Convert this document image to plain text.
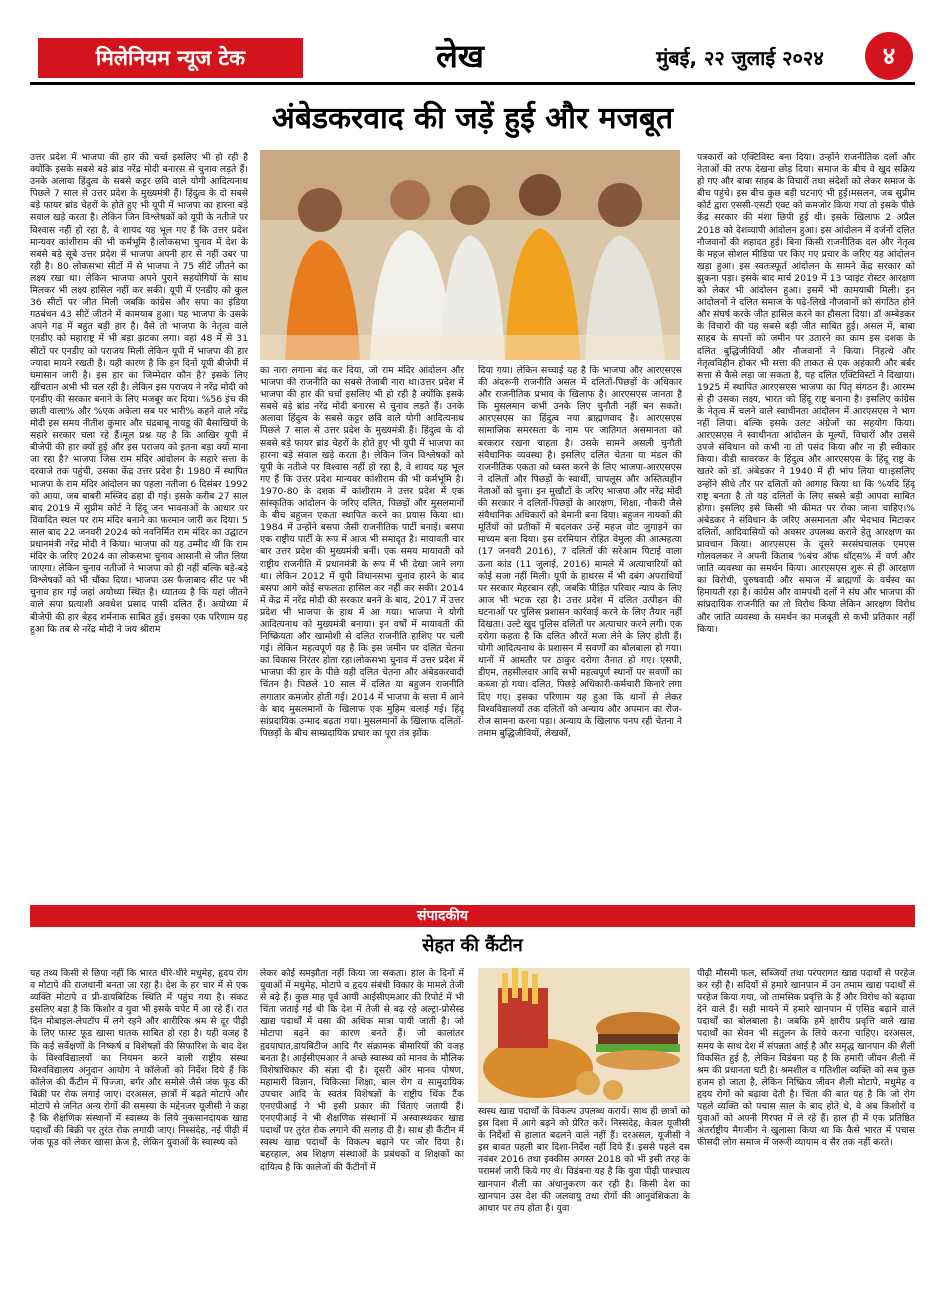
मिलेनियम न्यूज टेक	लेख	मुंबई, २२ जुलाई २०२४	४
अंबेडकरवाद की जड़ें हुई और मजबूत
उत्तर प्रदेश में भाजपा की हार की चर्चा इसलिए भी हो रही है क्योंकि इसके सबसे बड़े ब्रांड नरेंद्र मोदी बनारस से चुनाव लड़ते हैं। उनके अलावा हिंदुत्व के सबसे कट्टर छवि वाले योगी आदित्यनाथ पिछले 7 साल से उत्तर प्रदेश के मुख्यमंत्री हैं। हिंदुत्व के दो सबसे बड़े फायर ब्रांड चेहरों के होते हुए भी यूपी में भाजपा का हारना बड़े सवाल खड़े करता है। लेकिन जिन विश्लेषकों को यूपी के नतीजे पर विश्वास नहीं हो रहा है, वे शायद यह भूल गए हैं कि उत्तर प्रदेश मान्यवर कांशीराम की भी कर्मभूमि है।लोकसभा चुनाव में देश के सबसे बड़े सूबे उत्तर प्रदेश में भाजपा अपनी हार से नहीं उबर पा रही है। 80 लोकसभा सीटों में से भाजपा ने 75 सीटें जीतने का लक्ष्य रखा था। लेकिन भाजपा अपने पुराने सहयोगियों के साथ मिलकर भी लक्ष्य हासिल नहीं कर सकी। यूपी में एनडीए को कुल 36 सीटों पर जीत मिली जबकि कांग्रेस और सपा का इंडिया गठबंधन 43 सीटें जीतने में कामयाब हुआ। यह भाजपा के उसके अपने गढ़ में बहुत बड़ी हार है। वैसे तो भाजपा के नेतृत्व वाले एनडीए को महाराष्ट्र में भी बड़ा झटका लगा। वहां 48 में से 31 सीटों पर एनडीए को पराजय मिली लेकिन यूपी में भाजपा की हार ज्यादा मायने रखती है। यही कारण है कि इन दिनों यूपी बीजेपी में घमासान जारी है। इस हार का जिम्मेदार कौन है? इसके लिए खींचतान अभी भी चल रही है। लेकिन इस पराजय ने नरेंद्र मोदी को एनडीए की सरकार बनाने के लिए मजबूर कर दिया। %56 इंच की छाती वाला% और %एक अकेला सब पर भारी% कहने वाले नरेंद्र मोदी इस समय नीतीश कुमार और चंद्रबाबू नायडू की बैसाखियों के सहारे सरकार चला रहे हैं।मूल प्रश्न यह है कि आखिर यूपी में बीजेपी की हार क्यों हुई और इस पराजय को इतना बड़ा क्यों माना जा रहा है? भाजपा जिस राम मंदिर आंदोलन के सहारे सत्ता के दरवाजे तक पहुंची, उसका केंद्र उत्तर प्रदेश है। 1980 में स्थापित भाजपा के राम मंदिर आंदोलन का पहला नतीजा 6 दिसंबर 1992 को आया, जब बाबरी मस्जिद ढहा दी गई। इसके करीब 27 साल बाद 2019 में सुप्रीम कोर्ट ने हिंदू जन भावनाओं के आधार पर विवादित स्थल पर राम मंदिर बनाने का फरमान जारी कर दिया। 5 साल बाद 22 जनवरी 2024 को नवनिर्मित राम मंदिर का उद्घाटन प्रधानमंत्री नरेंद्र मोदी ने किया। भाजपा को यह उम्मीद थी कि राम मंदिर के जरिए 2024 का लोकसभा चुनाव आसानी से जीत लिया जाएगा। लेकिन चुनाव नतीजों ने भाजपा को ही नहीं बल्कि बड़े-बड़े विश्लेषकों को भी चौंका दिया। भाजपा उस फैजाबाद सीट पर भी चुनाव हार गई जहां अयोध्या स्थित है। ध्यातव्य है कि यहां जीतने वाले सपा प्रत्याशी अवधेश प्रसाद पासी दलित हैं। अयोध्या में बीजेपी की हार बेहद शर्मनाक साबित हुई। इसका एक परिणाम यह हुआ कि तब से नरेंद्र मोदी ने जय श्रीराम
का नारा लगाना बंद कर दिया, जो राम मंदिर आंदोलन और भाजपा की राजनीति का सबसे तेजाबी नारा था।उत्तर प्रदेश में भाजपा की हार की चर्चा इसलिए भी हो रही है क्योंकि इसके सबसे बड़े ब्रांड नरेंद्र मोदी बनारस से चुनाव लड़ते हैं। उनके अलावा हिंदुत्व के सबसे कट्टर छवि वाले योगी आदित्यनाथ पिछले 7 साल से उत्तर प्रदेश के मुख्यमंत्री हैं। हिंदुत्व के दो सबसे बड़े फायर ब्रांड चेहरों के होते हुए भी यूपी में भाजपा का हारना बड़े सवाल खड़े करता है। लेकिन जिन विश्लेषकों को यूपी के नतीजे पर विश्वास नहीं हो रहा है, वे शायद यह भूल गए हैं कि उत्तर प्रदेश मान्यवर कांशीराम की भी कर्मभूमि है। 1970-80 के दशक में कांशीराम ने उत्तर प्रदेश में एक सांस्कृतिक आंदोलन के जरिए दलित, पिछड़ों और मुसलमानों के बीच बहुजन एकता स्थापित करने का प्रयास किया था। 1984 में उन्होंने बसपा जैसी राजनीतिक पार्टी बनाई। बसपा एक राष्ट्रीय पार्टी के रूप में आज भी समादृत है। मायावती चार बार उत्तर प्रदेश की मुख्यमंत्री बनीं। एक समय मायावती को राष्ट्रीय राजनीति में प्रधानमंत्री के रूप में भी देखा जाने लगा था। लेकिन 2012 में यूपी विधानसभा चुनाव हारने के बाद बसपा आगे कोई सफलता हासिल कर नहीं कर सकी। 2014 में केंद्र में नरेंद्र मोदी की सरकार बनने के बाद, 2017 में उत्तर प्रदेश भी भाजपा के हाथ में आ गया। भाजपा ने योगी आदित्यनाथ को मुख्यमंत्री बनाया। इन वर्षों में मायावती की निष्क्रियता और खामोशी से दलित राजनीति हाशिए पर चली गई। लेकिन महत्वपूर्ण यह है कि इस जमीन पर दलित चेतना का विकास निरंतर होता रहा।लोकसभा चुनाव में उत्तर प्रदेश में भाजपा की हार के पीछे यही दलित चेतना और अंबेडकरवादी चिंतन है। पिछले 10 साल में दलित या बहुजन राजनीति लगातार कमजोर होती गई। 2014 में भाजपा के सत्ता में आने के बाद मुसलमानों के खिलाफ एक मुहिम चलाई गई। हिंदू सांप्रदायिक उन्माद बढ़ता गया। मुसलमानों के खिलाफ दलितों-पिछड़ों के बीच साम्प्रदायिक प्रचार का पूरा तंत्र झोंक
दिया गया। लेकिन सच्चाई यह है कि भाजपा और आरएसएस की अंदरूनी राजनीति असल में दलितों-पिछड़ों के अधिकार और राजनीतिक प्रभाव के खिलाफ है। आरएसएस जानता है कि मुसलमान कभी उनके लिए चुनौती नहीं बन सकते। आरएसएस का हिंदुत्व नया ब्राह्मणवाद है। आरएसएस सामाजिक समरसता के नाम पर जातिगत असमानता को बरकरार रखना चाहता है। उसके सामने असली चुनौती संवैधानिक व्यवस्था है। इसलिए दलित चेतना या मंडल की राजनीतिक एकता को ध्वस्त करने के लिए भाजपा-आरएसएस ने दलितों और पिछड़ों के स्वार्थी, चापलूस और अस्तित्वहीन नेताओं को चुना। इन मुखौटों के जरिए भाजपा और नरेंद्र मोदी की सरकार ने दलितों-पिछड़ों के आरक्षण, शिक्षा, नौकरी जैसे संवैधानिक अधिकारों को बेमानी बना दिया। बहुजन नायकों की मूर्तियों को प्रतीकों में बदलकर उन्हें महज वोट जुगाड़ने का माध्यम बना दिया। इस दरमियान रोहित वेमुला की आत्महत्या (17 जनवरी 2016), 7 दलितों की सरेआम पिटाई वाला ऊना कांड (11 जुलाई, 2016) मामले में अत्याचारियों को कोई सजा नहीं मिली। यूपी के हाथरस में भी दबंग अपराधियों पर सरकार मेहरबान रही, जबकि पीड़ित परिवार न्याय के लिए आज भी भटक रहा है। उत्तर प्रदेश में दलित उत्पीड़न की घटनाओं पर पुलिस प्रशासन कार्रवाई करने के लिए तैयार नहीं दिखता। उल्टे खुद पुलिस दलितों पर अत्याचार करने लगी। एक दरोगा कहता है कि दलित औरतें मजा लेने के लिए होती हैं।योगी आदित्यनाथ के प्रशासन में सवर्णों का बोलबाला हो गया। थानों में आमतौर पर ठाकुर दरोगा तैनात हो गए। एसपी, डीएम, तहसीलदार आदि सभी महत्वपूर्ण स्थानों पर सवर्णों का कब्जा हो गया। दलित, पिछड़े अधिकारी-कर्मचारी किनारे लगा दिए गए। इसका परिणाम यह हुआ कि थानों से लेकर विश्वविद्यालयों तक दलितों को अन्याय और अपमान का रोज-रोज सामना करना पड़ा। अन्याय के खिलाफ पनप रही चेतना ने तमाम बुद्धिजीवियों, लेखकों,
पत्रकारों को एक्टिविस्ट बना दिया। उन्होंने राजनीतिक दलों और नेताओं की तरफ देखना छोड़ दिया। समाज के बीच वे खुद सक्रिय हो गए और बाबा साहब के विचारों तथा संदेशों को लेकर समाज के बीच पहुंचे। इस बीच कुछ बड़ी घटनाएं भी हुईं।मसलन, जब सुप्रीम कोर्ट द्वारा एससी-एसटी एक्ट को कमजोर किया गया तो इसके पीछे केंद्र सरकार की मंशा छिपी हुई थी। इसके खिलाफ 2 अप्रैल 2018 को देशव्यापी आंदोलन हुआ। इस आंदोलन में दर्जनों दलित नौजवानों की शहादत हुई। बिना किसी राजनीतिक दल और नेतृत्व के महज सोशल मीडिया पर किए गए प्रचार के जरिए यह आंदोलन खड़ा हुआ। इस स्वतःस्फूर्त आंदोलन के सामने केंद्र सरकार को झुकना पड़ा। इसके बाद मार्च 2019 में 13 प्वाइंट रोस्टर आरक्षण को लेकर भी आंदोलन हुआ। इसमें भी कामयाबी मिली। इन आंदोलनों ने दलित समाज के पढ़े-लिखे नौजवानों को संगठित होने और संघर्ष करके जीत हासिल करने का हौसला दिया। डॉ अम्बेडकर के विचारों की यह सबसे बड़ी जीत साबित हुई। असल में, बाबा साहब के सपनों को जमीन पर उतारने का काम इस दशक के दलित बुद्धिजीवियों और नौजवानों ने किया। निहत्थे और नेतृत्वविहीन होकर भी सत्ता की ताकत से एक अहंकारी और बर्बर सत्ता से कैसे लड़ा जा सकता है, यह दलित एक्टिविस्टों ने दिखाया।1925 में स्थापित आरएसएस भाजपा का पितृ संगठन है। आरम्भ से ही उसका लक्ष्य, भारत को हिंदू राष्ट्र बनाना है। इसलिए कांग्रेस के नेतृत्व में चलने वाले स्वाधीनता आंदोलन में आरएसएस ने भाग नहीं लिया। बल्कि इसके उलट अंग्रेजों का सहयोग किया। आरएसएस ने स्वाधीनता आंदोलन के मूल्यों, विचारों और उससे उपजे संविधान को कभी ना तो पसंद किया और ना ही स्वीकार किया। वीडी सावरकर के हिंदुत्व और आरएसएस के हिंदू राष्ट्र के खतरे को डॉ. अंबेडकर ने 1940 में ही भांप लिया था।इसलिए उन्होंने सीधे तौर पर दलितों को आगाह किया था कि %यदि हिंदू राष्ट्र बनता है तो यह दलितों के लिए सबसे बड़ी आपदा साबित होगा। इसलिए इसे किसी भी कीमत पर रोका जाना चाहिए।% अंबेडकर ने संविधान के जरिए असमानता और भेदभाव मिटाकर दलितों, आदिवासियों को अवसर उपलब्ध कराने हेतु आरक्षण का प्रावधान किया। आरएसएस के दूसरे सरसंघचालक एमएस गोलवलकर ने अपनी किताब %बंच ऑफ थॉट्स% में वर्ण और जाति व्यवस्था का समर्थन किया। आरएसएस शुरू से ही आरक्षण का विरोधी, पुरुषवादी और समाज में ब्राह्मणों के वर्चस्व का हिमायती रहा है। कांग्रेस और वामपंथी दलों ने संघ और भाजपा की सांप्रदायिक राजनीति का तो विरोध किया लेकिन आरक्षण विरोध और जाति व्यवस्था के समर्थन का मजबूती से कभी प्रतिकार नहीं किया।
संपादकीय
सेहत की कैंटीन
यह तथ्य किसी से छिपा नहीं कि भारत धीरे-धीरे मधुमेह, हृदय रोग व मोटापे की राजधानी बनता जा रहा है। देश के हर चार में से एक व्यक्ति मोटापे व प्री-डायबिटिक स्थिति में पहुंच गया है। संकट इसलिए बड़ा है कि किशोर व युवा भी इसके चपेट में आ रहे हैं। रात दिन मोबाइल-लेपटॉप में लगे रहने और शारीरिक श्रम से दूर पीढ़ी के लिए फास्ट फूड खासा घातक साबित हो रहा है। यही वजह है कि कई सर्वेक्षणों के निष्कर्ष व विशेषज्ञों की सिफारिश के बाद देश के विश्वविद्यालयों का नियमन करने वाली राष्ट्रीय संस्था विश्वविद्यालय अनुदान आयोग ने कॉलेजों को निर्देश दिये हैं कि कॉलेज की कैंटीन में पिज्जा, बर्गर और समोसे जैसे जंक फूड की बिक्री पर रोक लगाई जाए। दरअसल, छात्रों में बढ़ते मोटापे और मोटापे से जनित अन्य रोगों की समस्या के मद्देनजर यूजीसी ने कहा है कि शैक्षणिक संस्थानों में स्वास्थ्य के लिये नुकसानदायक खाद्य पदार्थों की बिक्री पर तुरंत रोक लगायी जाए। निस्संदेह, नई पीढ़ी में जंक फूड को लेकर खासा क्रेज है, लेकिन युवाओं के स्वास्थ्य को
लेकर कोई समझौता नहीं किया जा सकता। हाल के दिनों में युवाओं में मधुमेह, मोटापे व हृदय संबंधी विकार के मामले तेजी से बढ़े हैं। कुछ माह पूर्व आयी आईसीएमआर की रिपोर्ट में भी चिंता जताई गई थी कि देश में तेजी से बढ़ रहे अल्ट्रा-प्रोसेस्ड खाद्य पदार्थों में वसा की अधिक मात्रा पायी जाती है। जो मोटापा बढ़ने का कारण बनते हैं। जो कालांतर हृदयाघात,डायबिटीज आदि गैर संक्रामक बीमारियों की वजह बनता है। आईसीएमआर ने अच्छे स्वास्थ्य को मानव के मौलिक विशेषाधिकार की संज्ञा दी है। दूसरी ओर मानव पोषण, महामारी विज्ञान, चिकित्सा शिक्षा, बाल रोग व सामुदायिक उपचार आदि के स्वतंत्र विशेषज्ञों के राष्ट्रीय थिंक टैंक एनएपीआई ने भी इसी प्रकार की चिंताएं जतायी हैं। एनएपीआई ने भी शैक्षणिक संस्थानों में अस्वास्थ्यकर खाद्य पदार्थों पर तुरंत रोक लगाने की सलाह दी है। साथ ही कैंटीन में स्वस्थ खाद्य पदार्थों के विकल्प बढ़ाने पर जोर दिया है। बहरहाल, अब शिक्षण संस्थाओं के प्रबंधकों व शिक्षकों का दायित्व है कि कालेजों की कैंटीनों में
स्वस्थ खाद्य पदार्थों के विकल्प उपलब्ध करायें। साथ ही छात्रों को इस दिशा में आगे बढ़ने को प्रेरित करें। निस्संदेह, केवल यूजीसी के निर्देशों से हालात बदलने वाले नहीं हैं। दरअसल, यूजीसी ने इस बावत पहली बार दिशा-निर्देश नहीं दिये हैं। इससे पहले दस नवंबर 2016 तथा इक्कीस अगस्त 2018 को भी इसी तरह के परामर्श जारी किये गए थे। विडंबना यह है कि युवा पीढ़ी पाश्चात्य खानपान शैली का अंधानुकरण कर रही है। किसी देश का खानपान उस देश की जलवायु तथा रोगों की आनुवंशिकता के आधार पर तय होता है। युवा
पीढ़ी मौसमी फल, सब्जियों तथा परंपरागत खाद्य पदार्थों से परहेज कर रही है। सदियों से हमारे खानपान में उन तमाम खाद्य पदार्थों से परहेज किया गया, जो तामसिक प्रवृत्ति के हैं और विरोध को बढ़ावा देने वाले हैं। सही मायने में हमारे खानपान में एसिड बढ़ाने वाले पदार्थों का बोलबाला है। जबकि हमें क्षारीय प्रवृत्ति वाले खाद्य पदार्थों का सेवन भी संतुलन के लिये करना चाहिए। दरअसल, समय के साथ देश में संपन्नता आई है और समृद्ध खानपान की शैली विकसित हुई है, लेकिन विडंबना यह है कि हमारी जीवन शैली में श्रम की प्रधानता घटी है। श्रमशील व गतिशील व्यक्ति को सब कुछ हजम हो जाता है, लेकिन निष्क्रिय जीवन शैली मोटापे, मधुमेह व हृदय रोगों को बढ़ावा देती है। चिंता की बात यह है कि जो रोग पहले व्यक्ति को पचास साल के बाद होते थे, वे अब किशोरों व युवाओं को अपनी गिरफ्त में ले रहे हैं। हाल ही में एक प्रतिष्ठित अंतर्राष्ट्रीय मैगजीन ने खुलासा किया था कि कैसे भारत में पचास फीसदी लोग समाज में जरूरी व्यायाम व सैर तक नहीं करते।
